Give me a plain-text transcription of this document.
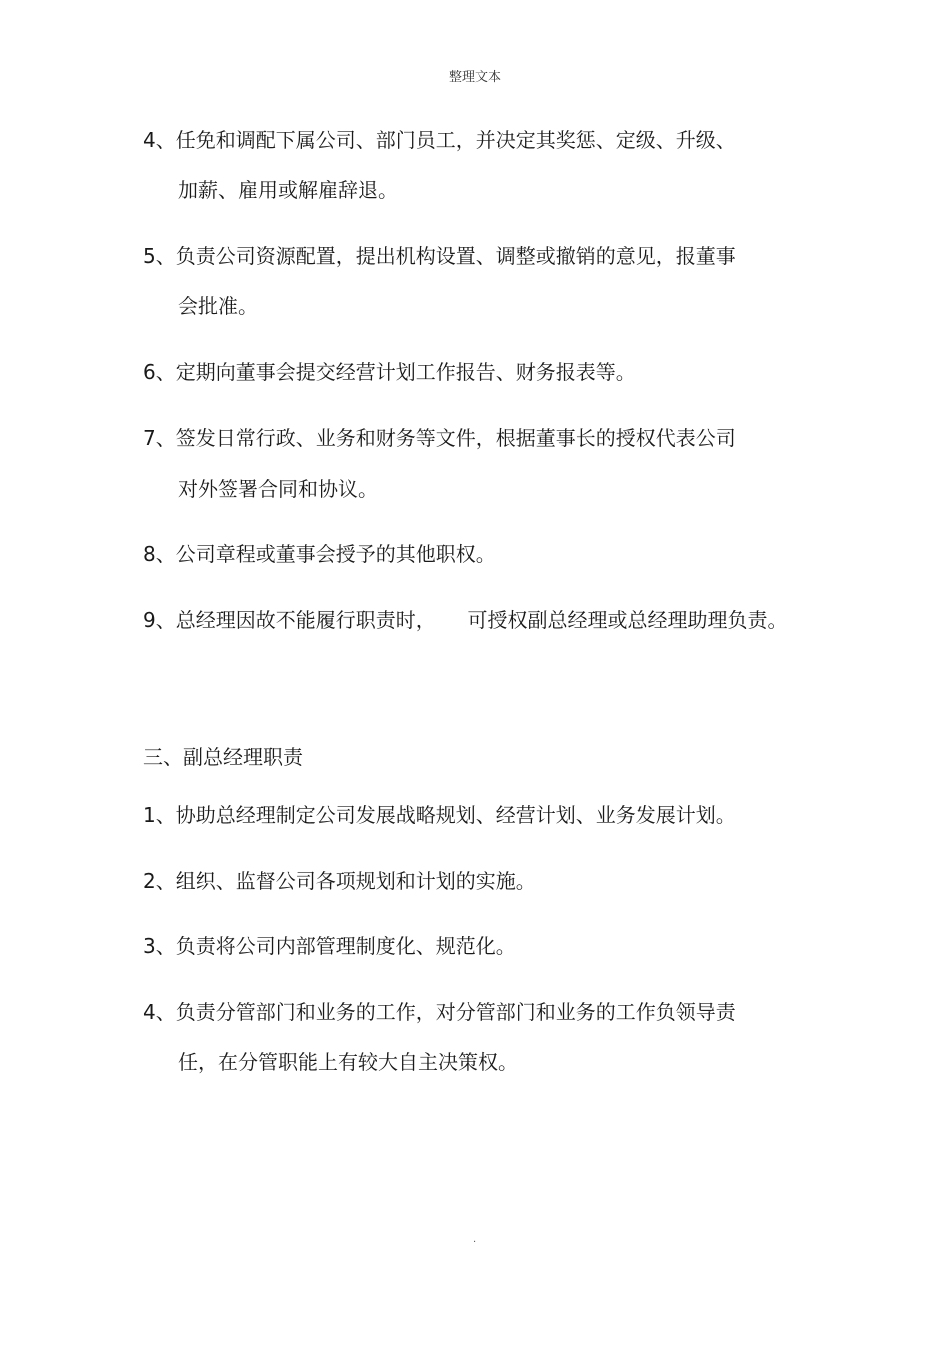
整理文本
4、任免和调配下属公司、部门员工，并决定其奖惩、定级、升级、
加薪、雇用或解雇辞退。
5、负责公司资源配置，提出机构设置、调整或撤销的意见，报董事
会批准。
6、定期向董事会提交经营计划工作报告、财务报表等。
7、签发日常行政、业务和财务等文件，根据董事长的授权代表公司
对外签署合同和协议。
8、公司章程或董事会授予的其他职权。
9、总经理因故不能履行职责时，     可授权副总经理或总经理助理负责。
三、副总经理职责
1、协助总经理制定公司发展战略规划、经营计划、业务发展计划。
2、组织、监督公司各项规划和计划的实施。
3、负责将公司内部管理制度化、规范化。
4、负责分管部门和业务的工作，对分管部门和业务的工作负领导责
任，在分管职能上有较大自主决策权。
.
